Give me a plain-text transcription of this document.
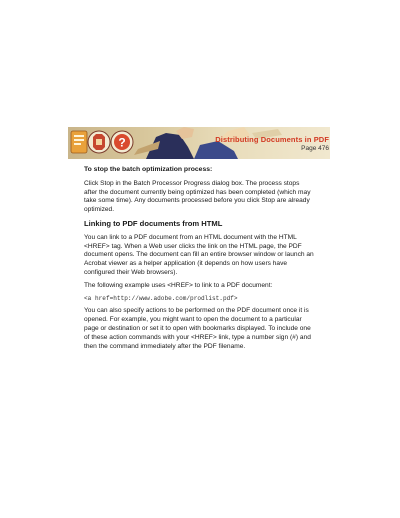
?	Distributing Documents in PDF
Page 476
To stop the batch optimization process:

Click Stop in the Batch Processor Progress dialog box. The process stops after the document currently being optimized has been completed (which may take some time). Any documents processed before you click Stop are already optimized.

Linking to PDF documents from HTML

You can link to a PDF document from an HTML document with the HTML <HREF> tag. When a Web user clicks the link on the HTML page, the PDF document opens. The document can fill an entire browser window or launch an Acrobat viewer as a helper application (it depends on how users have configured their Web browsers).

The following example uses <HREF> to link to a PDF document:

<a href=http://www.adobe.com/prodlist.pdf>

You can also specify actions to be performed on the PDF document once it is opened. For example, you might want to open the document to a particular page or destination or set it to open with bookmarks displayed. To include one of these action commands with your <HREF> link, type a number sign (#) and then the command immediately after the PDF filename.
